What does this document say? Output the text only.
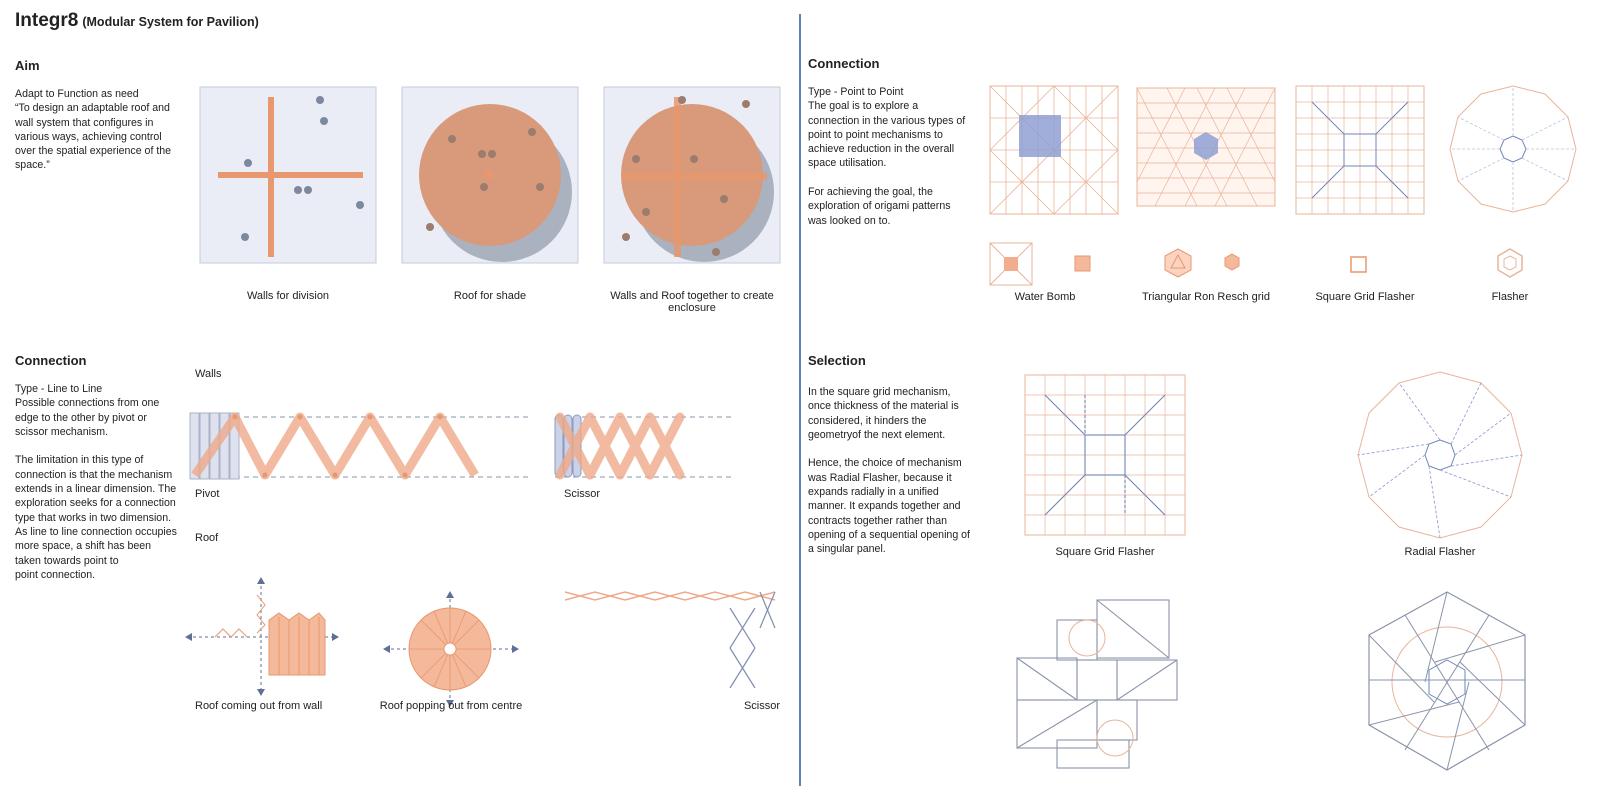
Integr8 (Modular System for Pavilion)
Aim
Adapt to Function as need
“To design an adaptable roof and wall system that configures in various ways, achieving control over the spatial experience of the space.”
Walls for division	Roof for shade	Walls and Roof together to create enclosure
Connection
Type - Line to Line
Possible connections from one edge to the other by pivot or scissor mechanism.

The limitation in this type of connection is that the mechanism extends in a linear dimension. The exploration seeks for a connection type that works in two dimension. As line to line connection occupies more space, a shift has been taken towards point to
point connection.
Walls
Pivot	Scissor
Roof
Roof coming out from wall	Roof popping out from centre	Scissor
Connection
Type - Point to Point
The goal is to explore a connection in the various types of point to point mechanisms to achieve reduction in the overall space utilisation.

For achieving the goal, the exploration of origami patterns was looked on to.
Water Bomb	Triangular Ron Resch grid	Square Grid Flasher	Flasher
Selection
In the square grid mechanism, once thickness of the material is considered, it hinders the geometryof the next element.

Hence, the choice of mechanism was Radial Flasher, because it expands radially in a unified manner. It expands together and contracts together rather than opening of a sequential opening of a singular panel.	Square Grid Flasher	Radial Flasher
